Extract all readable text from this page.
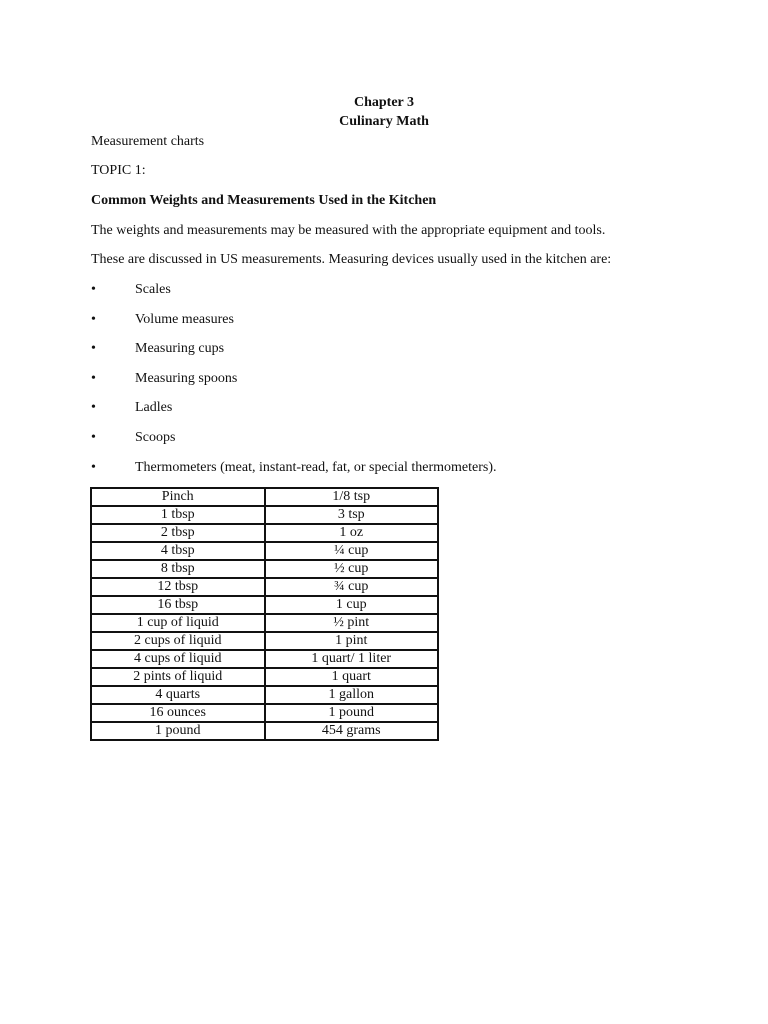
Chapter 3
Culinary Math
Measurement charts
TOPIC 1:
Common Weights and Measurements Used in the Kitchen
The weights and measurements may be measured with the appropriate equipment and tools.
These are discussed in US measurements. Measuring devices usually used in the kitchen are:
•	Scales
•	Volume measures
•	Measuring cups
•	Measuring spoons
•	Ladles
•	Scoops
•	Thermometers (meat, instant-read, fat, or special thermometers).
Pinch	1/8 tsp
1 tbsp	3 tsp
2 tbsp	1 oz
4 tbsp	¼ cup
8 tbsp	½ cup
12 tbsp	¾ cup
16 tbsp	1 cup
1 cup of liquid	½ pint
2 cups of liquid	1 pint
4 cups of liquid	1 quart/ 1 liter
2 pints of liquid	1 quart
4 quarts	1 gallon
16 ounces	1 pound
1 pound	454 grams
